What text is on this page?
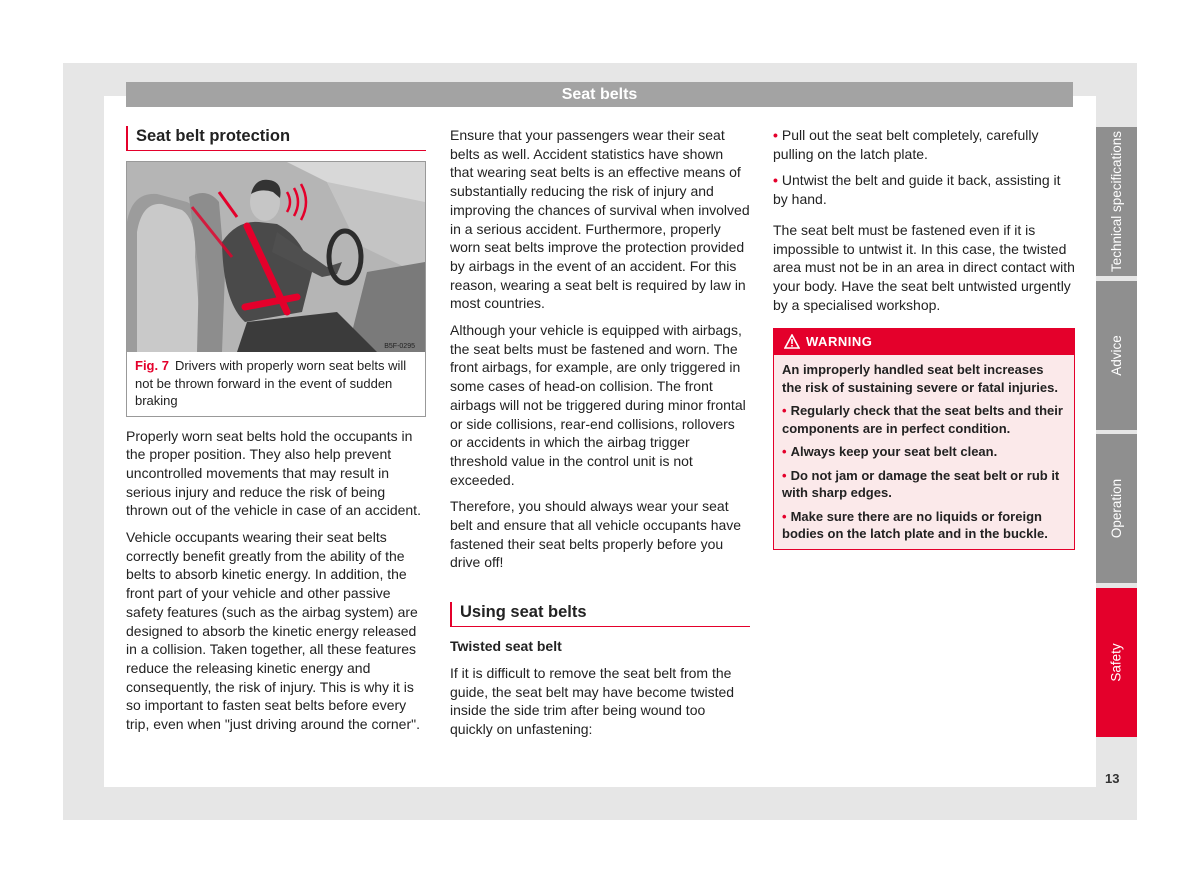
Seat belts
Seat belt protection
B5F-0295
Fig. 7 Drivers with properly worn seat belts will not be thrown forward in the event of sudden braking

Properly worn seat belts hold the occupants in the proper position. They also help prevent uncontrolled movements that may result in serious injury and reduce the risk of being thrown out of the vehicle in case of an accident.

Vehicle occupants wearing their seat belts correctly benefit greatly from the ability of the belts to absorb kinetic energy. In addition, the front part of your vehicle and other passive safety features (such as the airbag system) are designed to absorb the kinetic energy released in a collision. Taken together, all these features reduce the releasing kinetic energy and consequently, the risk of injury. This is why it is so important to fasten seat belts before every trip, even when "just driving around the corner".

Ensure that your passengers wear their seat belts as well. Accident statistics have shown that wearing seat belts is an effective means of substantially reducing the risk of injury and improving the chances of survival when involved in a serious accident. Furthermore, properly worn seat belts improve the protection provided by airbags in the event of an accident. For this reason, wearing a seat belt is required by law in most countries.

Although your vehicle is equipped with airbags, the seat belts must be fastened and worn. The front airbags, for example, are only triggered in some cases of head-on collision. The front airbags will not be triggered during minor frontal or side collisions, rear-end collisions, rollovers or accidents in which the airbag trigger threshold value in the control unit is not exceeded.

Therefore, you should always wear your seat belt and ensure that all vehicle occupants have fastened their seat belts properly before you drive off!

Using seat belts

Twisted seat belt

If it is difficult to remove the seat belt from the guide, the seat belt may have become twisted inside the side trim after being wound too quickly on unfastening:

• Pull out the seat belt completely, carefully pulling on the latch plate.

• Untwist the belt and guide it back, assisting it by hand.

The seat belt must be fastened even if it is impossible to untwist it. In this case, the twisted area must not be in an area in direct contact with your body. Have the seat belt untwisted urgently by a specialised workshop.

WARNING

An improperly handled seat belt increases the risk of sustaining severe or fatal injuries.

• Regularly check that the seat belts and their components are in perfect condition.

• Always keep your seat belt clean.

• Do not jam or damage the seat belt or rub it with sharp edges.

• Make sure there are no liquids or foreign bodies on the latch plate and in the buckle.

Technical specifications
Advice
Operation
Safety
13
